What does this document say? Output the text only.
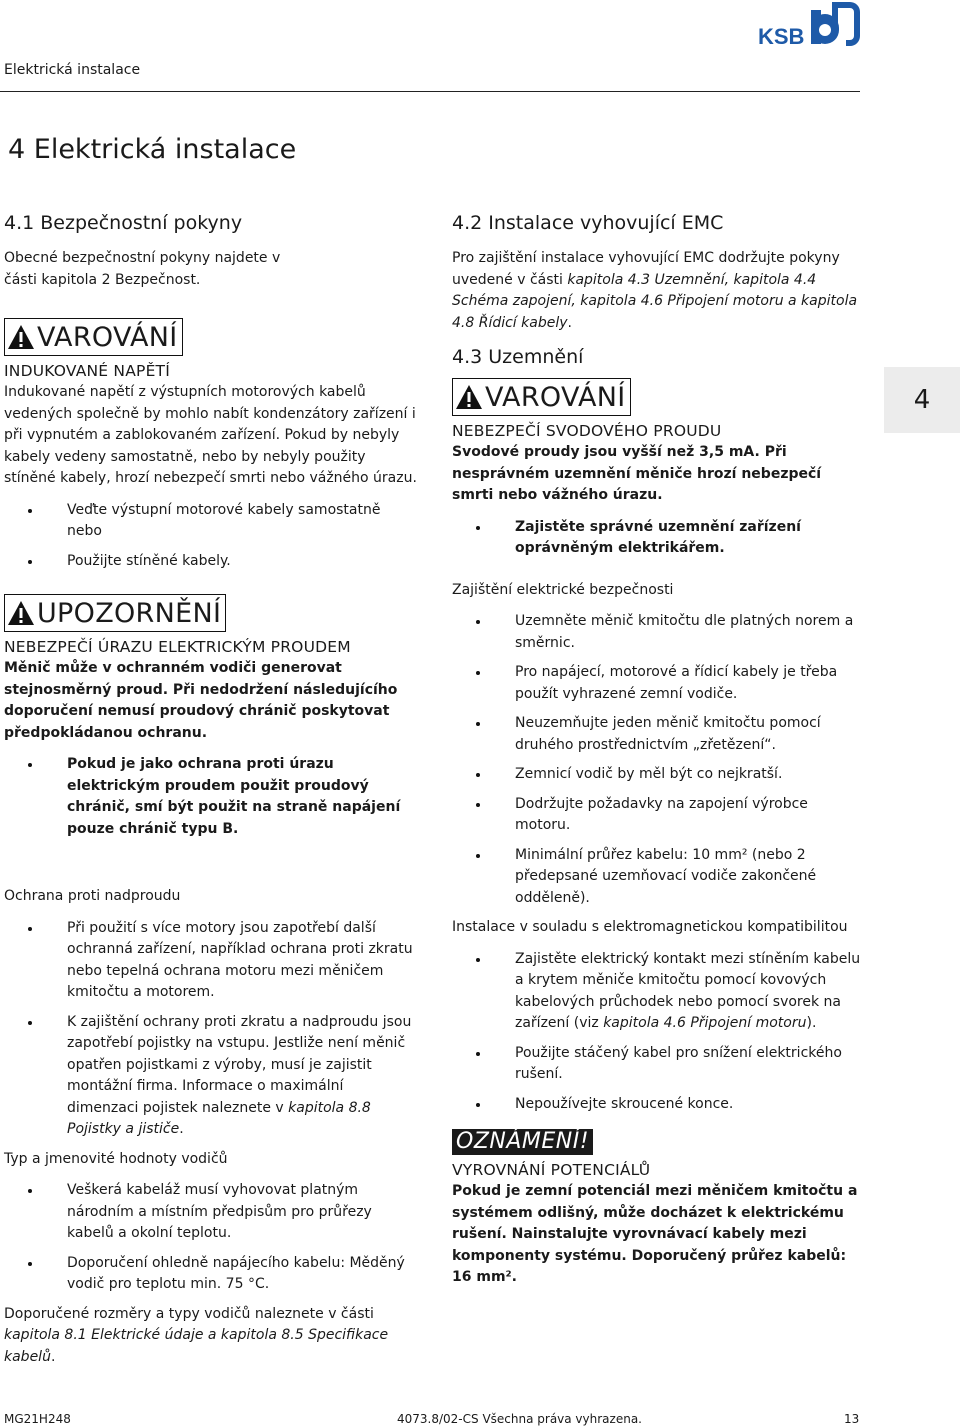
Elektrická instalace
KSB
4 Elektrická instalace
4
4.1 Bezpečnostní pokyny

Obecné bezpečnostní pokyny najdete v části kapitola 2 Bezpečnost.

VAROVÁNÍ
INDUKOVANÉ NAPĚTÍ

Indukované napětí z výstupních motorových kabelů vedených společně by mohlo nabít kondenzátory zařízení i při vypnutém a zablokovaném zařízení. Pokud by nebyly kabely vedeny samostatně, nebo by nebyly použity stíněné kabely, hrozí nebezpečí smrti nebo vážného úrazu.

Veďte výstupní motorové kabely samostatně nebo
Použijte stíněné kabely.
UPOZORNĚNÍ
NEBEZPEČÍ ÚRAZU ELEKTRICKÝM PROUDEM

Měnič může v ochranném vodiči generovat stejnosměrný proud. Při nedodržení následujícího doporučení nemusí proudový chránič poskytovat předpokládanou ochranu.

Pokud je jako ochrana proti úrazu elektrickým proudem použit proudový chránič, smí být použit na straně napájení pouze chránič typu B.
Ochrana proti nadproudu
Při použití s více motory jsou zapotřebí další ochranná zařízení, například ochrana proti zkratu nebo tepelná ochrana motoru mezi měničem kmitočtu a motorem.
K zajištění ochrany proti zkratu a nadproudu jsou zapotřebí pojistky na vstupu. Jestliže není měnič opatřen pojistkami z výroby, musí je zajistit montážní firma. Informace o maximální dimenzaci pojistek naleznete v kapitola 8.8 Pojistky a jističe.
Typ a jmenovité hodnoty vodičů
Veškerá kabeláž musí vyhovovat platným národním a místním předpisům pro průřezy kabelů a okolní teplotu.
Doporučení ohledně napájecího kabelu: Měděný vodič pro teplotu min. 75 °C.

Doporučené rozměry a typy vodičů naleznete v části kapitola 8.1 Elektrické údaje a kapitola 8.5 Specifikace kabelů.

4.2 Instalace vyhovující EMC

Pro zajištění instalace vyhovující EMC dodržujte pokyny uvedené v části kapitola 4.3 Uzemnění, kapitola 4.4 Schéma zapojení, kapitola 4.6 Připojení motoru a kapitola 4.8 Řídicí kabely.

4.3 Uzemnění
VAROVÁNÍ
NEBEZPEČÍ SVODOVÉHO PROUDU

Svodové proudy jsou vyšší než 3,5 mA. Při nesprávném uzemnění měniče hrozí nebezpečí smrti nebo vážného úrazu.

Zajistěte správné uzemnění zařízení oprávněným elektrikářem.
Zajištění elektrické bezpečnosti
Uzemněte měnič kmitočtu dle platných norem a směrnic.
Pro napájecí, motorové a řídicí kabely je třeba použít vyhrazené zemní vodiče.
Neuzemňujte jeden měnič kmitočtu pomocí druhého prostřednictvím „zřetězení“.
Zemnicí vodič by měl být co nejkratší.
Dodržujte požadavky na zapojení výrobce motoru.
Minimální průřez kabelu: 10 mm² (nebo 2 předepsané uzemňovací vodiče zakončené odděleně).
Instalace v souladu s elektromagnetickou kompatibilitou
Zajistěte elektrický kontakt mezi stíněním kabelu a krytem měniče kmitočtu pomocí kovových kabelových průchodek nebo pomocí svorek na zařízení (viz kapitola 4.6 Připojení motoru).
Použijte stáčený kabel pro snížení elektrického rušení.
Nepoužívejte skroucené konce.
OZNÁMENÍ!
VYROVNÁNÍ POTENCIÁLŮ

Pokud je zemní potenciál mezi měničem kmitočtu a systémem odlišný, může docházet k elektrickému rušení. Nainstalujte vyrovnávací kabely mezi komponenty systému. Doporučený průřez kabelů: 16 mm².

MG21H248	4073.8/02-CS Všechna práva vyhrazena.	13
